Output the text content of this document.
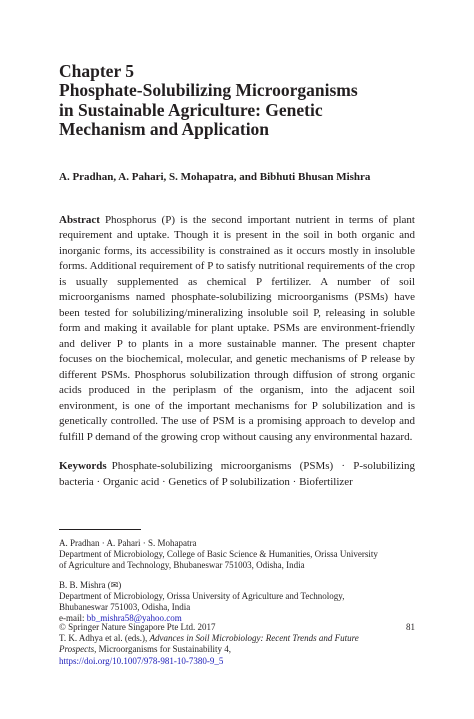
Chapter 5
Phosphate-Solubilizing Microorganisms
in Sustainable Agriculture: Genetic
Mechanism and Application
A. Pradhan, A. Pahari, S. Mohapatra, and Bibhuti Bhusan Mishra
Abstract Phosphorus (P) is the second important nutrient in terms of plant requirement and uptake. Though it is present in the soil in both organic and inorganic forms, its accessibility is constrained as it occurs mostly in insoluble forms. Additional requirement of P to satisfy nutritional requirements of the crop is usually supplemented as chemical P fertilizer. A number of soil microorganisms named phosphate-solubilizing microorganisms (PSMs) have been tested for solubilizing/mineralizing insoluble soil P, releasing in soluble form and making it available for plant uptake. PSMs are environment-friendly and deliver P to plants in a more sustainable manner. The present chapter focuses on the biochemical, molecular, and genetic mechanisms of P release by different PSMs. Phosphorus solubilization through diffusion of strong organic acids produced in the periplasm of the organism, into the adjacent soil environment, is one of the important mechanisms for P solubilization and is genetically controlled. The use of PSM is a promising approach to develop and fulfill P demand of the growing crop without causing any environmental hazard.
Keywords Phosphate-solubilizing microorganisms (PSMs) · P-solubilizing bacteria · Organic acid · Genetics of P solubilization · Biofertilizer
A. Pradhan · A. Pahari · S. Mohapatra
Department of Microbiology, College of Basic Science & Humanities, Orissa University
of Agriculture and Technology, Bhubaneswar 751003, Odisha, India
B. B. Mishra (✉)
Department of Microbiology, Orissa University of Agriculture and Technology,
Bhubaneswar 751003, Odisha, India
e-mail: bb_mishra58@yahoo.com
© Springer Nature Singapore Pte Ltd. 2017	81
T. K. Adhya et al. (eds.), Advances in Soil Microbiology: Recent Trends and Future
Prospects, Microorganisms for Sustainability 4,
https://doi.org/10.1007/978-981-10-7380-9_5
